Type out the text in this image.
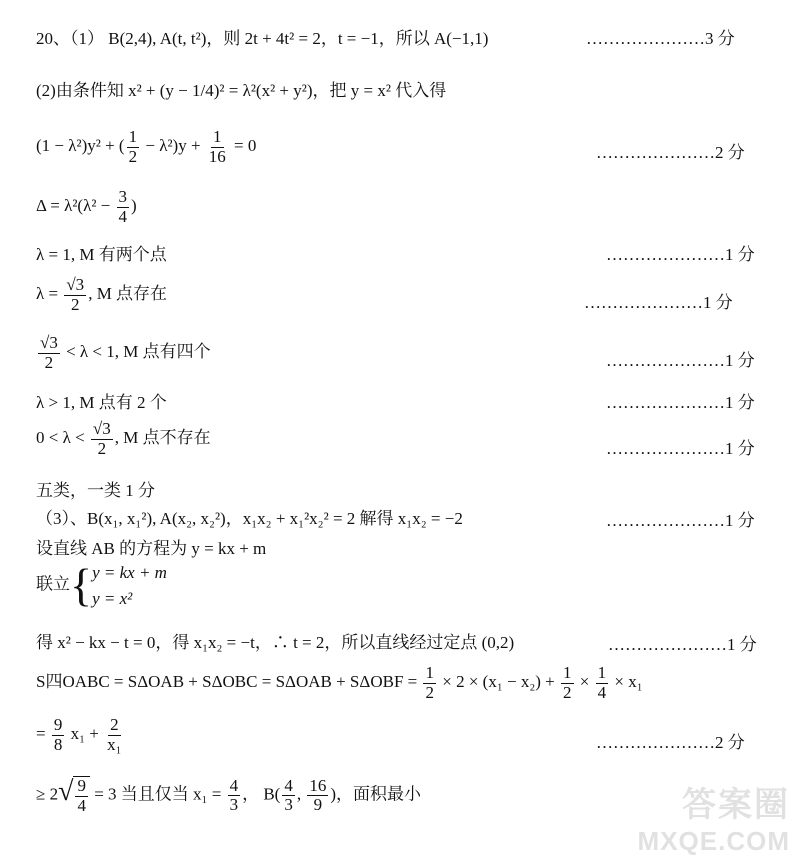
20、（1） B(2,4), A(t, t²)，则 2t + 4t² = 2，t = −1，所以 A(−1,1)	…………………3 分
(2)由条件知 x² + (y − 1/4)² = λ²(x² + y²)，把 y = x² 代入得
(1 − λ²)y² + ( $\frac{1}{2} - \lambda^2)y + \frac{1}{16} = 0$	…………………2 分
$\Delta = \lambda^2(\lambda^2 - \frac{3}{4}$ )
λ = 1, M 有两个点	…………………1 分
$\lambda = \frac{√3}{2}$ , M 点存在	…………………1 分
$\frac{√3}{2} < \lambda < 1$, M 点有四个	…………………1 分
λ > 1, M 点有 2 个	…………………1 分
$0 < \lambda < \frac{√3}{2}$ , M 点不存在
…………………1 分
五类，一类 1 分
（3）、B(x₁, x₁²), A(x₂, x₂²)，x₁x₂ + x₁²x₂² = 2 解得 x₁x₂ = −2	…………………1 分
设直线 AB 的方程为 y = kx + m
联立{ y = kx + m
y = x²
得 x² − kx − t = 0，得 x₁x₂ = −t，∴ t = 2，所以直线经过定点 (0,2)	…………………1 分
S四OABC = $S\Delta OAB + S\Delta OBC = S\Delta OAB + S\Delta OBF = \frac{1}{2} \times 2 \times (x_1 - x_2) + \frac{1}{2} \times \frac{1}{4} \times x_1$
= $\frac{9}{8} x_1 + \frac{2}{\text{x₁}}$	…………………2 分
≥ 2 √ $\frac{9}{4} = 3$ 当且仅当 $x_1 = \frac{4}{3}$ ， $B( \frac{4}{3}$ , $\frac{16}{9}$ )，面积最小	答案圈
MXQE.COM
